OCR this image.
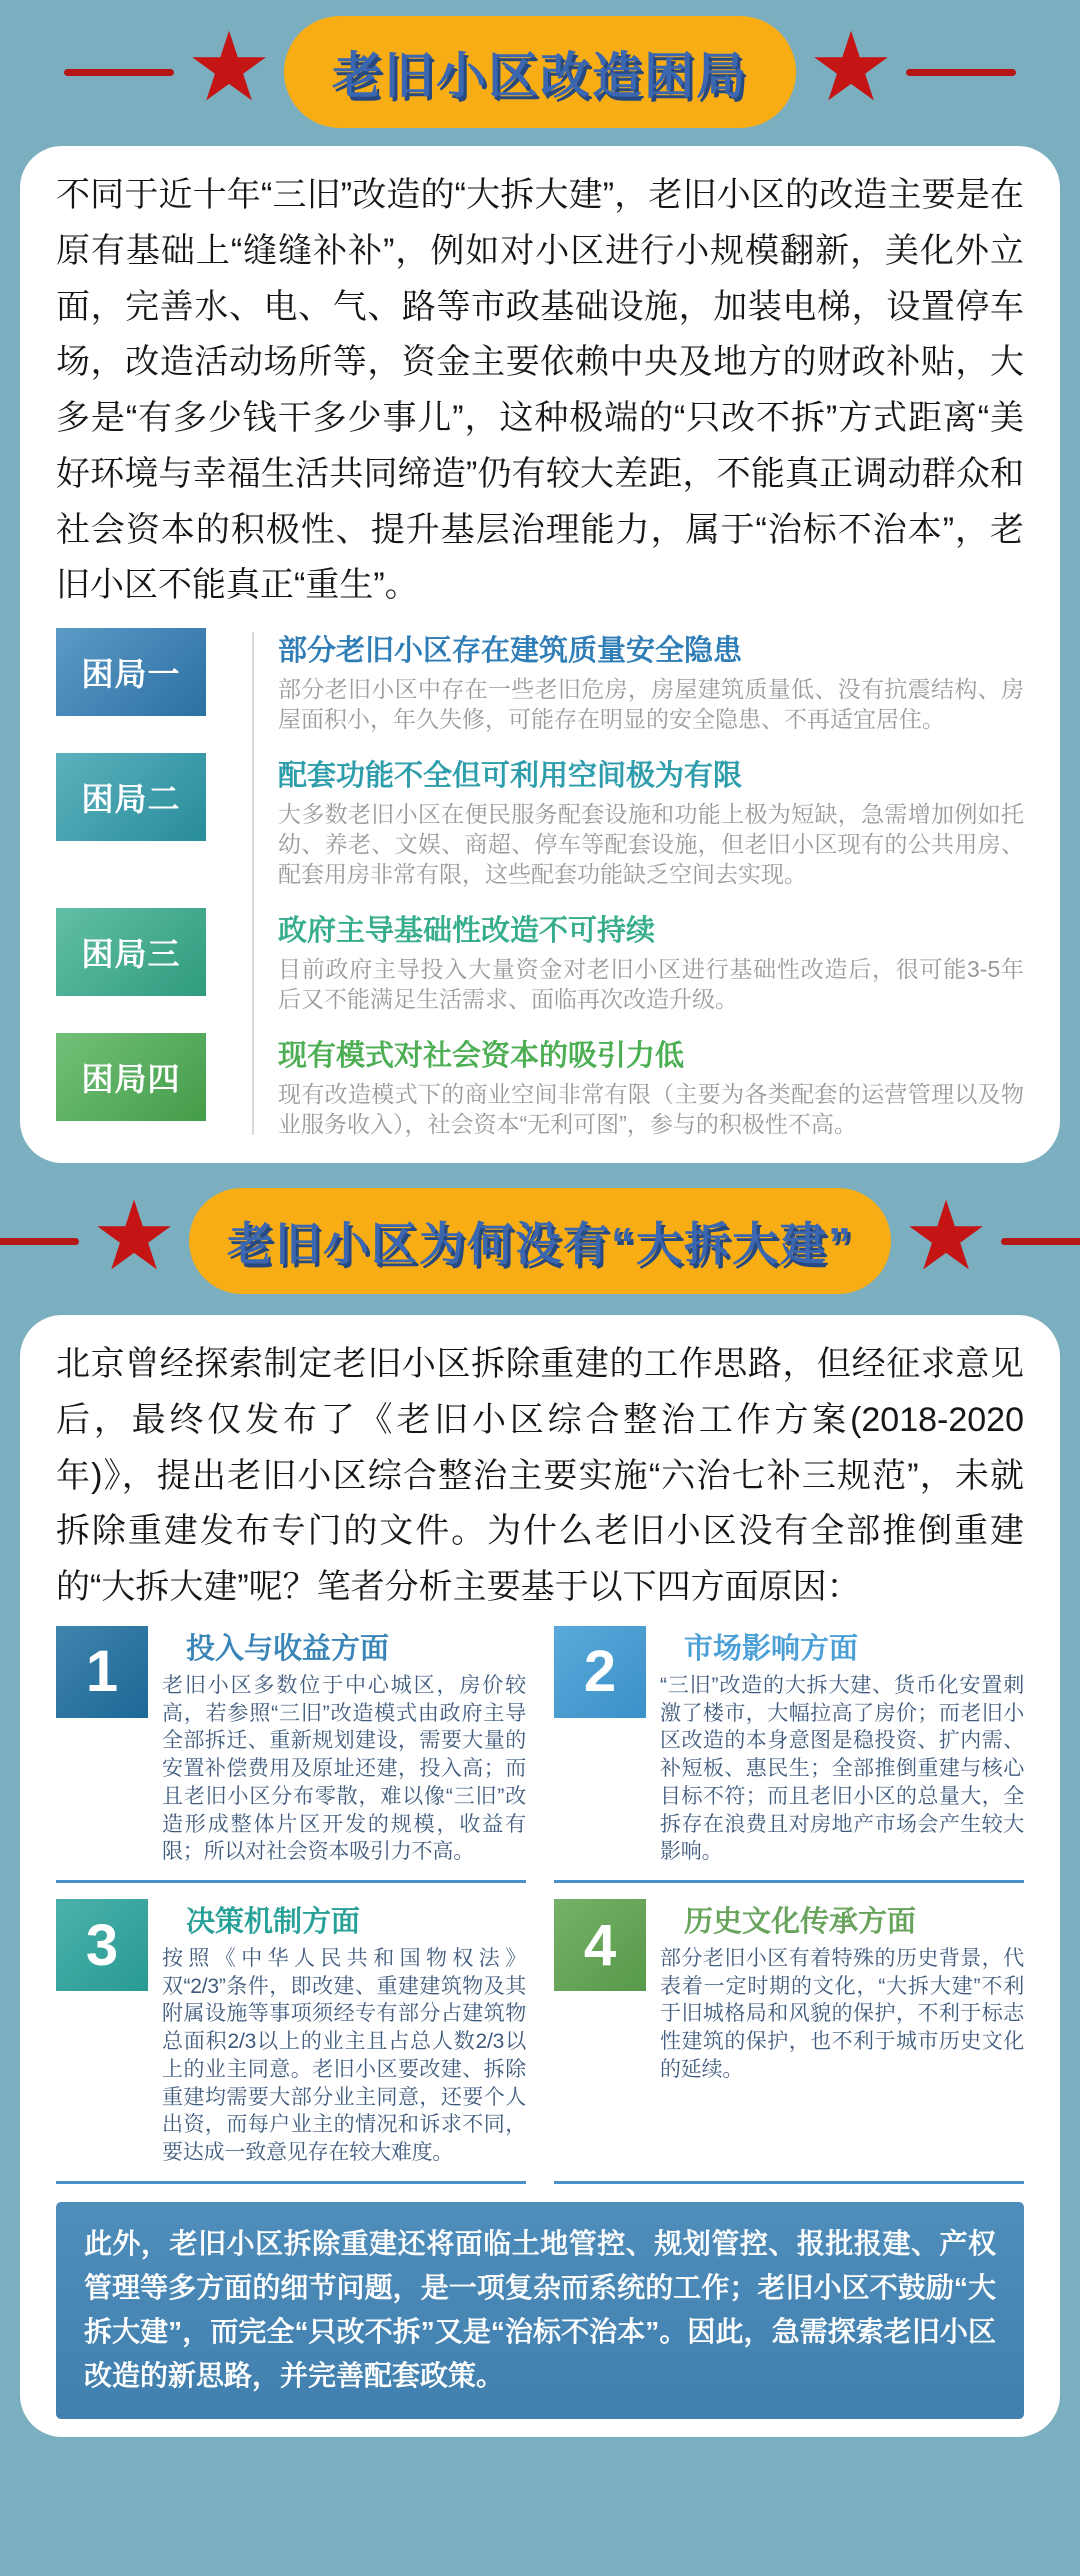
★	老旧小区改造困局 ★

不同于近十年“三旧”改造的“大拆大建”，老旧小区的改造主要是在原有基础上“缝缝补补”，例如对小区进行小规模翻新，美化外立面，完善水、电、气、路等市政基础设施，加装电梯，设置停车场，改造活动场所等，资金主要依赖中央及地方的财政补贴，大多是“有多少钱干多少事儿”，这种极端的“只改不拆”方式距离“美好环境与幸福生活共同缔造”仍有较大差距，不能真正调动群众和社会资本的积极性、提升基层治理能力，属于“治标不治本”，老旧小区不能真正“重生”。

困局一
部分老旧小区存在建筑质量安全隐患
部分老旧小区中存在一些老旧危房，房屋建筑质量低、没有抗震结构、房屋面积小，年久失修，可能存在明显的安全隐患、不再适宜居住。
困局二
配套功能不全但可利用空间极为有限
大多数老旧小区在便民服务配套设施和功能上极为短缺，急需增加例如托幼、养老、文娱、商超、停车等配套设施，但老旧小区现有的公共用房、配套用房非常有限，这些配套功能缺乏空间去实现。
困局三
政府主导基础性改造不可持续
目前政府主导投入大量资金对老旧小区进行基础性改造后，很可能3-5年后又不能满足生活需求、面临再次改造升级。
困局四
现有模式对社会资本的吸引力低
现有改造模式下的商业空间非常有限（主要为各类配套的运营管理以及物业服务收入），社会资本“无利可图”，参与的积极性不高。
★	老旧小区为何没有“大拆大建” ★

北京曾经探索制定老旧小区拆除重建的工作思路，但经征求意见后，最终仅发布了《老旧小区综合整治工作方案(2018-2020年)》，提出老旧小区综合整治主要实施“六治七补三规范”，未就拆除重建发布专门的文件。为什么老旧小区没有全部推倒重建的“大拆大建”呢？笔者分析主要基于以下四方面原因：

1	投入与收益方面
老旧小区多数位于中心城区，房价较高，若参照“三旧”改造模式由政府主导全部拆迁、重新规划建设，需要大量的安置补偿费用及原址还建，投入高；而且老旧小区分布零散，难以像“三旧”改造形成整体片区开发的规模，收益有限；所以对社会资本吸引力不高。
2	市场影响方面
“三旧”改造的大拆大建、货币化安置刺激了楼市，大幅拉高了房价；而老旧小区改造的本身意图是稳投资、扩内需、补短板、惠民生；全部推倒重建与核心目标不符；而且老旧小区的总量大，全拆存在浪费且对房地产市场会产生较大影响。
3	决策机制方面
按照《中华人民共和国物权法》双“2/3”条件，即改建、重建建筑物及其附属设施等事项须经专有部分占建筑物总面积2/3以上的业主且占总人数2/3以上的业主同意。老旧小区要改建、拆除重建均需要大部分业主同意，还要个人出资，而每户业主的情况和诉求不同，要达成一致意见存在较大难度。
4	历史文化传承方面
部分老旧小区有着特殊的历史背景，代表着一定时期的文化，“大拆大建”不利于旧城格局和风貌的保护，不利于标志性建筑的保护，也不利于城市历史文化的延续。
此外，老旧小区拆除重建还将面临土地管控、规划管控、报批报建、产权管理等多方面的细节问题，是一项复杂而系统的工作；老旧小区不鼓励“大拆大建”，而完全“只改不拆”又是“治标不治本”。因此，急需探索老旧小区改造的新思路，并完善配套政策。
